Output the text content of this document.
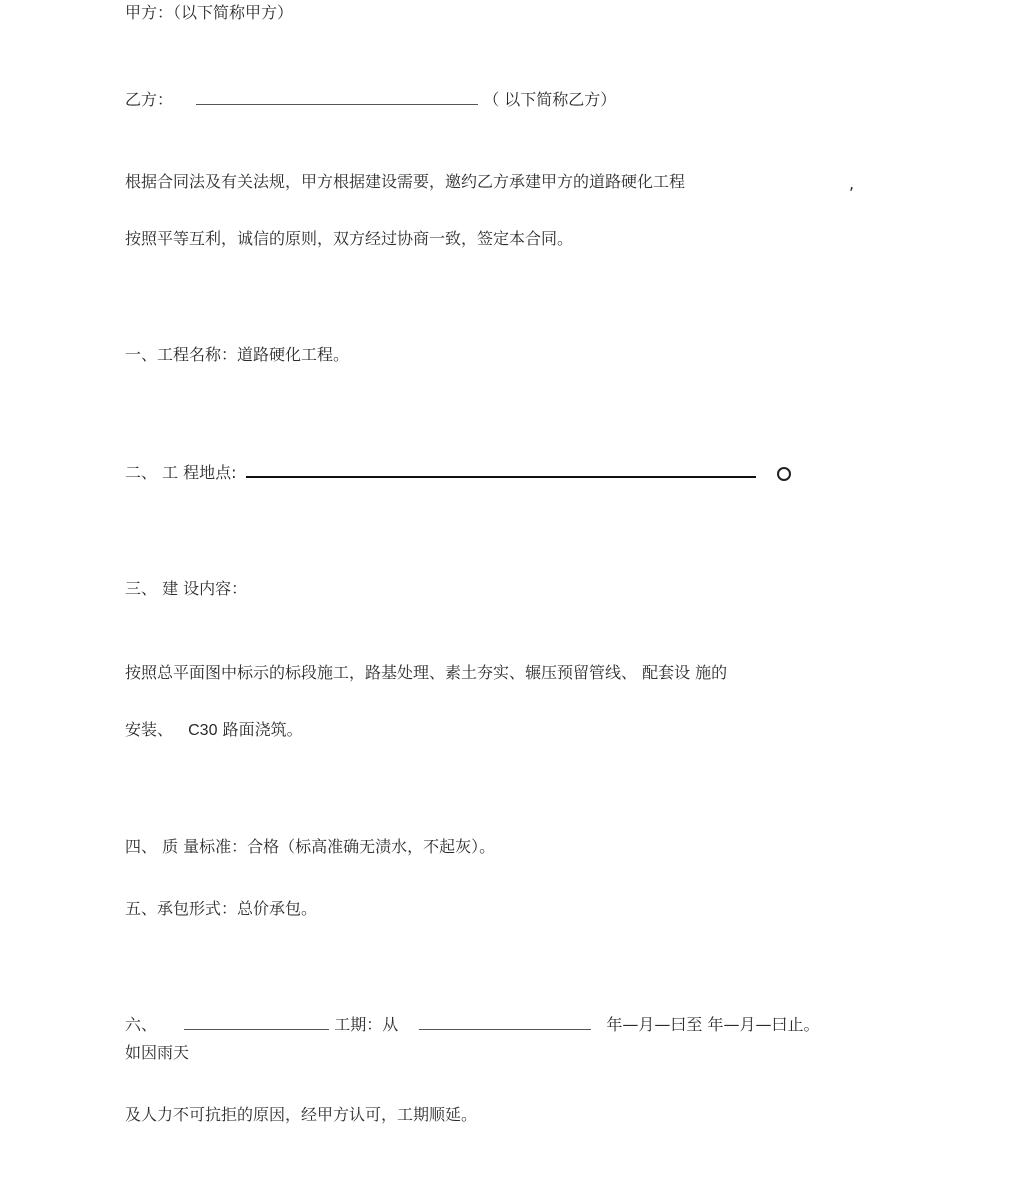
甲方：（以下简称甲方）
乙方：	（ 以下简称乙方）
根据合同法及有关法规，甲方根据建设需要，邀约乙方承建甲方的道路硬化工程	,
按照平等互利，诚信的原则，双方经过协商一致，签定本合同。
一、工程名称：道路硬化工程。
二、 工 程地点:
三、 建 设内容：
按照总平面图中标示的标段施工，路基处理、素土夯实、辗压预留管线、 配套设 施的
安装、 C30 路面浇筑。
四、 质 量标准：合格（标高准确无渍水，不起灰）。
五、承包形式：总价承包。
六、	工期：从	年—月—曰至 年—月—曰止。
如因雨天
及人力不可抗拒的原因，经甲方认可，工期顺延。
